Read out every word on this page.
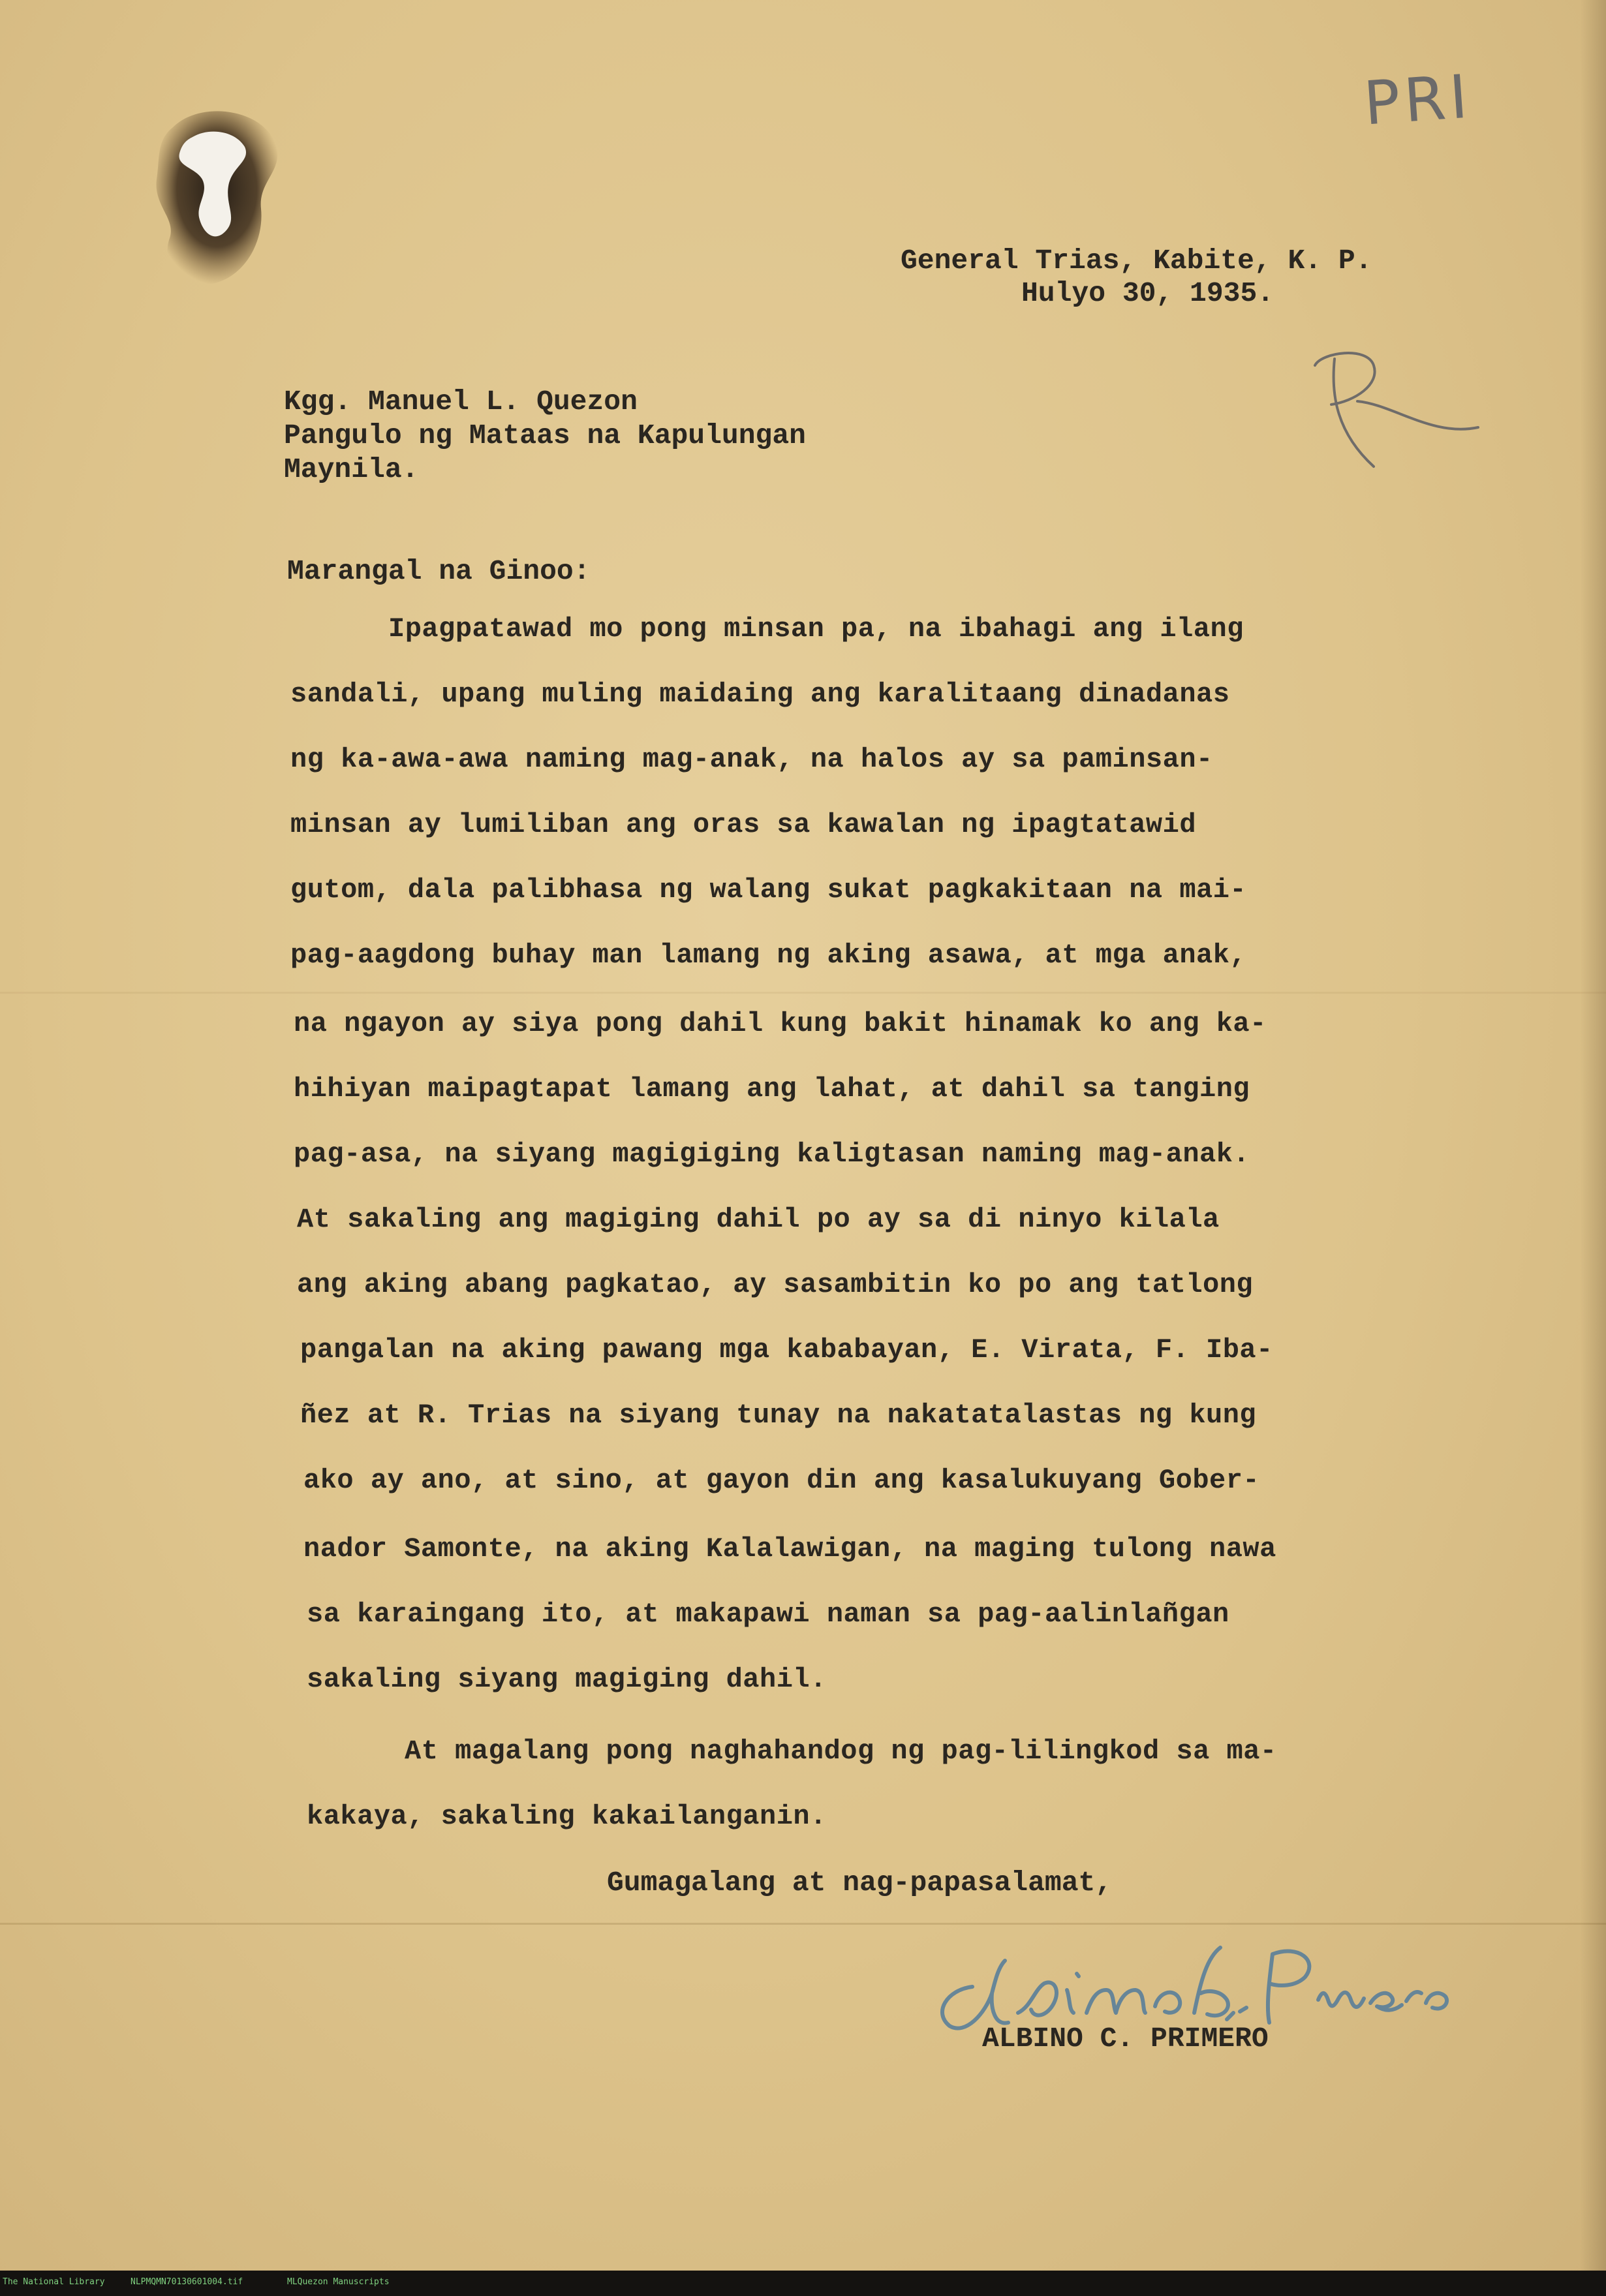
PRI

General Trias, Kabite, K. P.

Hulyo 30, 1935.

Kgg. Manuel L. Quezon

Pangulo ng Mataas na Kapulungan

Maynila.

Marangal na Ginoo:

Ipagpatawad mo pong minsan pa, na ibahagi ang ilang

sandali, upang muling maidaing ang karalitaang dinadanas

ng ka-awa-awa naming mag-anak, na halos ay sa paminsan-

minsan ay lumiliban ang oras sa kawalan ng ipagtatawid

gutom, dala palibhasa ng walang sukat pagkakitaan na mai-

pag-aagdong buhay man lamang ng aking asawa, at mga anak,

na ngayon ay siya pong dahil kung bakit hinamak ko ang ka-

hihiyan maipagtapat lamang ang lahat, at dahil sa tanging

pag-asa, na siyang magigiging kaligtasan naming mag-anak.

At sakaling ang magiging dahil po ay sa di ninyo kilala

ang aking abang pagkatao, ay sasambitin ko po ang tatlong

pangalan na aking pawang mga kababayan, E. Virata, F. Iba-

ñez at R. Trias na siyang tunay na nakatatalastas ng kung

ako ay ano, at sino, at gayon din ang kasalukuyang Gober-

nador Samonte, na aking Kalalawigan, na maging tulong nawa

sa karaingang ito, at makapawi naman sa pag-aalinlañgan

sakaling siyang magiging dahil.

At magalang pong naghahandog ng pag-lilingkod sa ma-

kakaya, sakaling kakailanganin.

Gumagalang at nag-papasalamat,

ALBINO C. PRIMERO

The National Library	NLPMQMN70130601004.tif	MLQuezon Manuscripts
